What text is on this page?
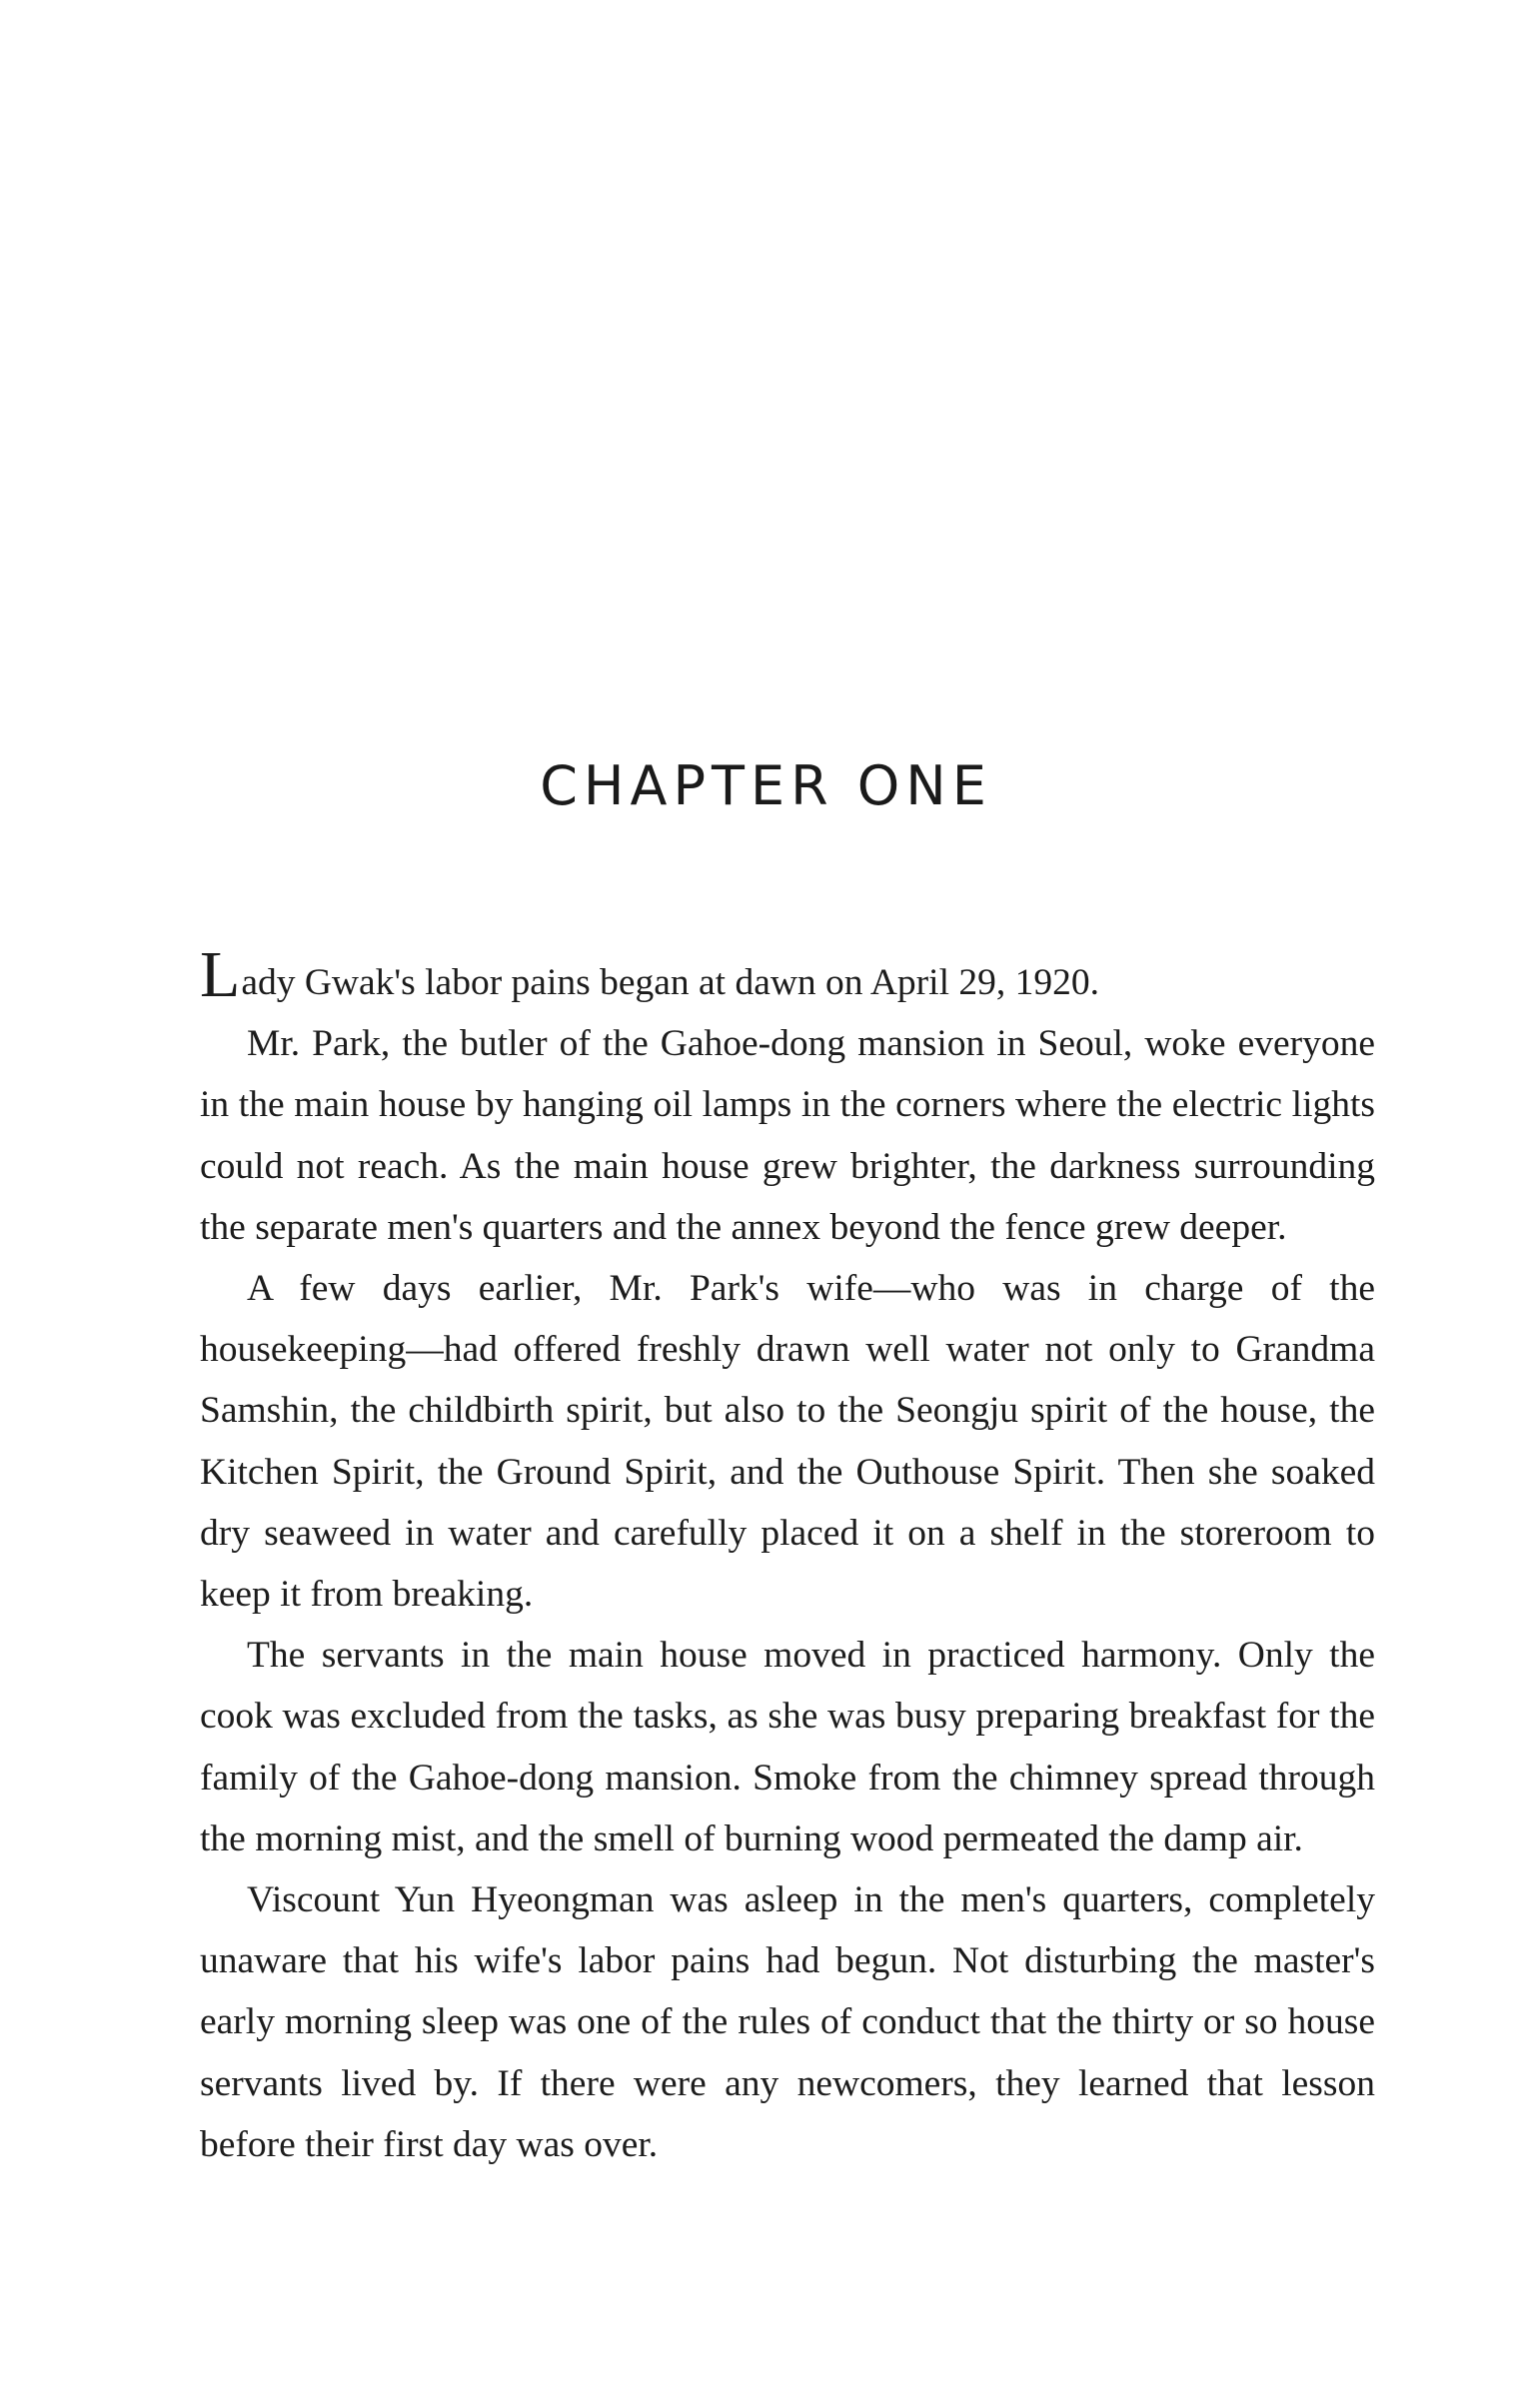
CHAPTER ONE

Lady Gwak's labor pains began at dawn on April 29, 1920.

Mr. Park, the butler of the Gahoe-dong mansion in Seoul, woke everyone in the main house by hanging oil lamps in the corners where the electric lights could not reach. As the main house grew brighter, the darkness surrounding the separate men's quarters and the annex beyond the fence grew deeper.

A few days earlier, Mr. Park's wife—who was in charge of the housekeeping—had offered freshly drawn well water not only to Grandma Samshin, the childbirth spirit, but also to the Seongju spirit of the house, the Kitchen Spirit, the Ground Spirit, and the Outhouse Spirit. Then she soaked dry seaweed in water and carefully placed it on a shelf in the storeroom to keep it from breaking.

The servants in the main house moved in practiced harmony. Only the cook was excluded from the tasks, as she was busy preparing breakfast for the family of the Gahoe-dong mansion. Smoke from the chimney spread through the morning mist, and the smell of burning wood permeated the damp air.

Viscount Yun Hyeongman was asleep in the men's quarters, completely unaware that his wife's labor pains had begun. Not disturbing the master's early morning sleep was one of the rules of conduct that the thirty or so house servants lived by. If there were any newcomers, they learned that lesson before their first day was over.
